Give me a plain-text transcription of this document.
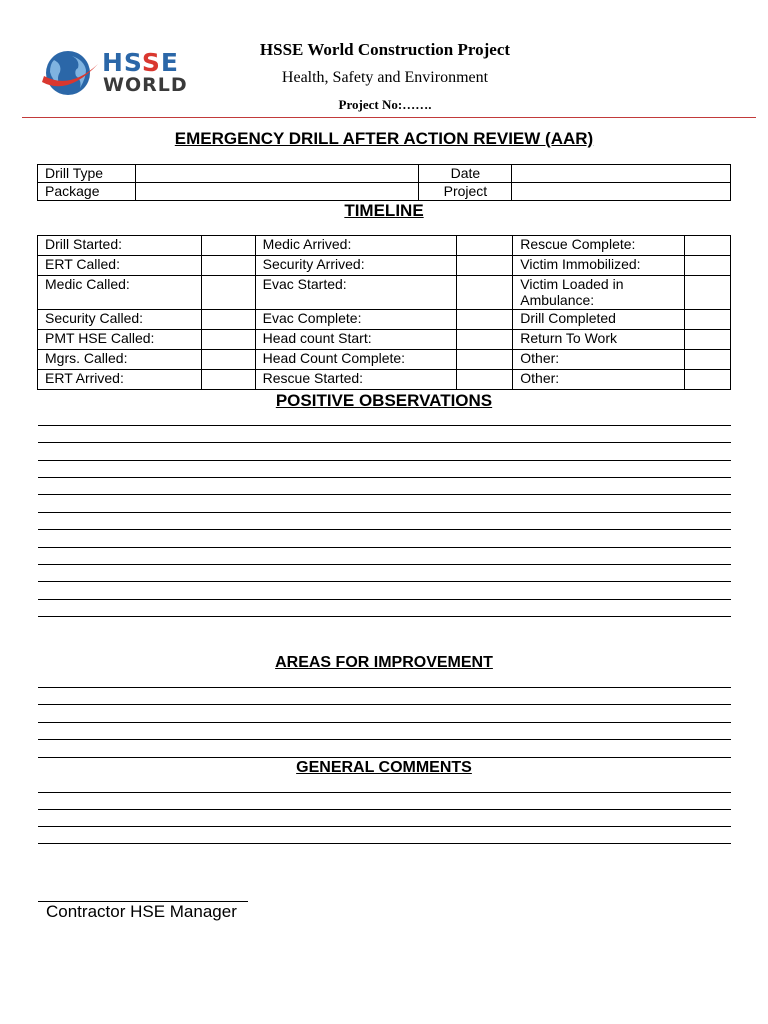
HSSE
WORLD
HSSE World Construction Project
Health, Safety and Environment
Project No:…….
EMERGENCY DRILL AFTER ACTION REVIEW (AAR)
Drill Type		Date	
Package		Project	
TIMELINE
Drill Started:		Medic Arrived:		Rescue Complete:	
ERT Called:		Security Arrived:		Victim Immobilized:	
Medic Called:		Evac Started:		Victim Loaded in Ambulance:	
Security Called:		Evac Complete:		Drill Completed	
PMT HSE Called:		Head count Start:		Return To Work	
Mgrs. Called:		Head Count Complete:		Other:	
ERT Arrived:		Rescue Started:		Other:	
POSITIVE OBSERVATIONS
AREAS FOR IMPROVEMENT
GENERAL COMMENTS
Contractor HSE Manager
